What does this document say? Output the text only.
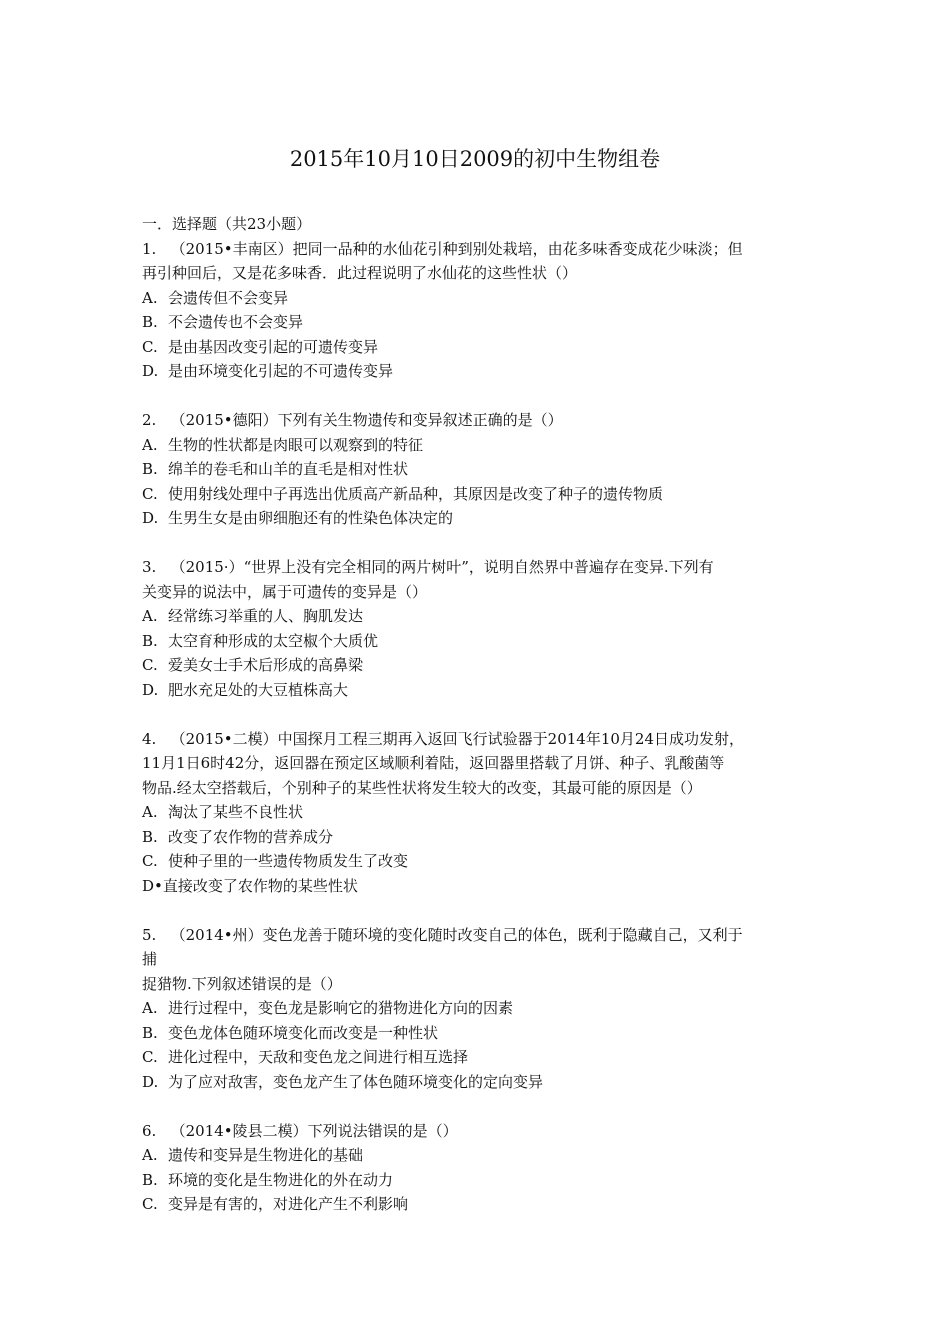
2015年10月10日2009的初中生物组卷
一．选择题（共23小题）
1. （2015•丰南区）把同一品种的水仙花引种到别处栽培，由花多味香变成花少味淡；但
再引种回后，又是花多味香．此过程说明了水仙花的这些性状（）
A. 会遗传但不会变异
B. 不会遗传也不会变异
C. 是由基因改变引起的可遗传变异
D. 是由环境变化引起的不可遗传变异
2. （2015•德阳）下列有关生物遗传和变异叙述正确的是（）
A. 生物的性状都是肉眼可以观察到的特征
B. 绵羊的卷毛和山羊的直毛是相对性状
C. 使用射线处理中子再选出优质高产新品种，其原因是改变了种子的遗传物质
D. 生男生女是由卵细胞还有的性染色体决定的
3. （2015·）“世界上没有完全相同的两片树叶”，说明自然界中普遍存在变异.下列有
关变异的说法中，属于可遗传的变异是（）
A. 经常练习举重的人、胸肌发达
B. 太空育种形成的太空椒个大质优
C. 爱美女士手术后形成的高鼻梁
D. 肥水充足处的大豆植株高大
4. （2015•二模）中国探月工程三期再入返回飞行试验器于2014年10月24日成功发射，
11月1日6时42分，返回器在预定区域顺利着陆，返回器里搭载了月饼、种子、乳酸菌等
物品.经太空搭载后，个别种子的某些性状将发生较大的改变，其最可能的原因是（）
A. 淘汰了某些不良性状
B. 改变了农作物的营养成分
C. 使种子里的一些遗传物质发生了改变
D•直接改变了农作物的某些性状
5. （2014•州）变色龙善于随环境的变化随时改变自己的体色，既利于隐藏自己，又利于
捕
捉猎物.下列叙述错误的是（）
A. 进行过程中，变色龙是影响它的猎物进化方向的因素
B. 变色龙体色随环境变化而改变是一种性状
C. 进化过程中，天敌和变色龙之间进行相互选择
D. 为了应对敌害，变色龙产生了体色随环境变化的定向变异
6. （2014•陵县二模）下列说法错误的是（）
A. 遗传和变异是生物进化的基础
B. 环境的变化是生物进化的外在动力
C. 变异是有害的，对进化产生不利影响
